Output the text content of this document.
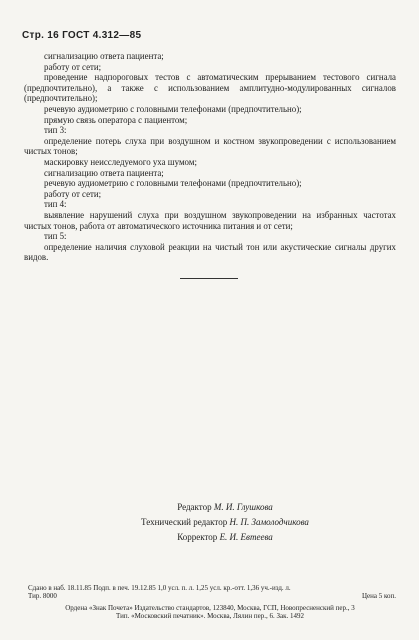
Стр. 16 ГОСТ 4.312—85

сигнализацию ответа пациента;

работу от сети;

проведение надпороговых тестов с автоматическим прерыванием тестового сигнала (предпочтительно), а также с использованием амплитудно-модулированных сигналов (предпочтительно);

речевую аудиометрию с головными телефонами (предпочтительно);

прямую связь оператора с пациентом;

тип 3:

определение потерь слуха при воздушном и костном звукопроведении с использованием чистых тонов;

маскировку неисследуемого уха шумом;

сигнализацию ответа пациента;

речевую аудиометрию с головными телефонами (предпочтительно);

работу от сети;

тип 4:

выявление нарушений слуха при воздушном звукопроведении на избранных частотах чистых тонов, работа от автоматического источника питания и от сети;

тип 5:

определение наличия слуховой реакции на чистый тон или акустические сигналы других видов.

Редактор М. И. Глушкова
Технический редактор Н. П. Замолодчикова
Корректор Е. И. Евтеева

Сдано в наб. 18.11.85 Подп. в печ. 19.12.85 1,0 усл. п. л. 1,25 усл. кр.-отт. 1,36 уч.-изд. л.

Тир. 8000	Цена 5 коп.

Ордена «Знак Почета» Издательство стандартов, 123840, Москва, ГСП, Новопресненский пер., 3

Тип. «Московский печатник». Москва, Лялин пер., 6. Зак. 1492
